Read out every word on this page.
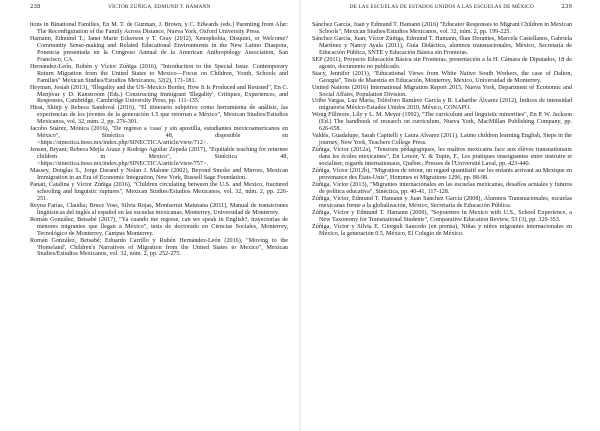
238	VÍCTOR ZÚÑIGA, EDMUND T. HAMANN

tions in Binational Families, En M. T. de Guzman, J. Brown, y C. Edwards (eds.) Parenting from Afar: The Reconfiguration of the Family Across Distance, Nueva York, Oxford University Press.

Hamann, Edmund T.; Janet Marie Eckerson y T. Gray (2012), Xenophobia, Disquiet, or Welcome? Community Sense-making and Related Educational Environments in the New Latino Diaspora, Ponencia presentada en la Congreso Annual de la American Anthropology Association, San Francisco, CA.

Hernández-León, Rubén y Víctor Zúñiga (2016), "Introduction to the Special Issue. Contemporary Return Migration from the United States to Mexico—Focus on Children, Youth, Schools and Families" Mexican Studies/Estudios Mexicanos, 32(2), 171-181.

Heyman, Josiah (2013), "Illegality and the US–Mexico Border, How It Is Produced and Resisted", En C. Menjívar y D. Kanstroom (Eds.) Constructing Immigrant 'Illegality', Critiques, Experiences, and Responses, Cambridge, Cambridge University Press, pp. 111-135.

Hirai, Shinji y Rebeca Sandoval (2016), "El itinerario subjetivo como herramienta de análisis, las experiencias de los jóvenes de la generación 1.5 que retornan a México", Mexican Studies/Estudios Mexicanos, vol. 32, núm. 2, pp. 276-301.

Jacobo Suárez, Mónica (2016), "De regreso a 'casa' y sin apostilla, estudiantes mexicoamericanos en México", Sinéctica 48, disponible en <https://sinectica.iteso.mx/index.php/SINECTICA/article/view/712>.

Jensen, Bryant; Rebeca Mejía Arauz y Rodrigo Aguilar Zepeda (2017), "Equitable teaching for returnee children in Mexico", Sinéctica 48, <https://sinectica.iteso.mx/index.php/SINECTICA/article/view/757>.

Massey, Douglas S., Jorge Durand y Nolan J. Malone (2002), Beyond Smoke and Mirrors, Mexican Immigration in an Era of Economic Integration, New York, Russell Sage Foundation.

Panait, Catalina y Víctor Zúñiga (2016), "Children circulating between the U.S. and Mexico, fractured schooling and linguistic ruptures", Mexican Studies/Estudios Mexicanos, vol. 32, núm. 2, pp. 226-251.

Reyna Farías, Claudia; Bruce Voss, Silvia Rojas, Montserrat Maturana (2011), Manual de transiciones lingüísticas del inglés al español en las escuelas mexicanas, Monterrey, Universidad de Monterrey.

Román González, Betsabé (2017), "Ya cuando me regrese, can we speak in English?, trayectorias de menores migrantes que llegan a México", tesis de doctorado en Ciencias Sociales, Monterrey, Tecnológico de Monterrey, Campus Monterrey.

Román González, Betsabé; Eduardo Carrillo y Rubén Hernández-León (2016), "Moving to the 'Homeland', Children's Narratives of Migration from the United States to Mexico", Mexican Studies/Estudios Mexicanos, vol. 32, núm. 2, pp. 252-275.

DE LAS ESCUELAS DE ESTADOS UNIDOS A LAS ESCUELAS DE MÉXICO	239

Sánchez García, Juan y Edmund T. Hamann (2016) "Educator Responses to Migrant Children in Mexican Schools", Mexican Studies/Estudios Mexicanos, vol. 32, núm. 2, pp. 199-225.

Sánchez García, Juan; Víctor Zúñiga, Edmund T. Hamann, Ilian Dorantes, Marcela Castellanos, Gabriela Martínez y Nancy Ayala (2011), Guía Didáctica, alumnos transnacionales, México, Secretaría de Educación Pública, SNTE y Educación Básica sin Fronteras.

SEP (2011), Proyecto Educación Básica sin Fronteras, presentación a la H. Cámara de Diputados, 18 de agosto, documento no publicado.

Stacy, Jennifer (2011), "Educational Views from White Native South Workers, the case of Dalton, Georgia", Tesis de Maestría en Educación, Monterrey, Mexico, Universidad de Monterrey.

United Nations (2016) International Migration Report 2015, Nueva York, Department of Economic and Social Affairs, Population Division.

Uribe Vargas, Luz María, Telésforo Ramírez García y B. Labarthe Álvarez (2012), Índices de intensidad migratoria México-Estados Unidos 2010, México, CONAPO.

Wong Fillmore, Lily y L. M. Meyer (1992), "The curriculum and linguistic minorities", En P. W. Jackson (Ed.) The handbook of research on curriculum, Nueva York, MacMillan Publishing Company, pp. 626-658.

Valdés, Guadalupe, Sarah Capitelli y Laura Alvarez (2011), Latino children learning English, Steps in the journey, New York, Teachers College Press.

Zúñiga, Víctor (2012a), "Tensions pédagogiques, les maîtres mexicains face aux élèves transnationaux dans les écoles mexicaines", En Lenoir, Y. & Tupin, F., Les pratiques enseignantes entre instruire et socialiser, regards internationaux, Québec, Presses de l'Université Laval, pp. 423-440.

Zúñiga, Víctor (2012b), "Migration de retour, un regard quantitatif sur les enfants arrivant au Mexique en provenance des États-Unis", Hommes et Migrations 1296, pp. 88-98.

Zúñiga, Víctor (2013), "Migrantes internacionales en las escuelas mexicanas, desafíos actuales y futuros de política educativa", Sinéctica, pp. 40-41, 117-128.

Zúñiga, Víctor, Edmund T. Hamann y Juan Sánchez García (2008), Alumnos Transnacionales, escuelas mexicanas frente a la globalización, México, Secretaría de Educación Pública.

Zúñiga, Víctor y Edmund T. Hamann (2009), "Sojourners in Mexico with U.S., School Experience, a New Taxonomy for Transnational Students", Comparative Education Review, 53 (3), pp. 329-353.

Zúñiga, Víctor y Silvia E. Giorguli Saucedo (en prensa), Niñas y niños migrantes internacionales en México, la generación 0.5, México, El Colegio de México.
